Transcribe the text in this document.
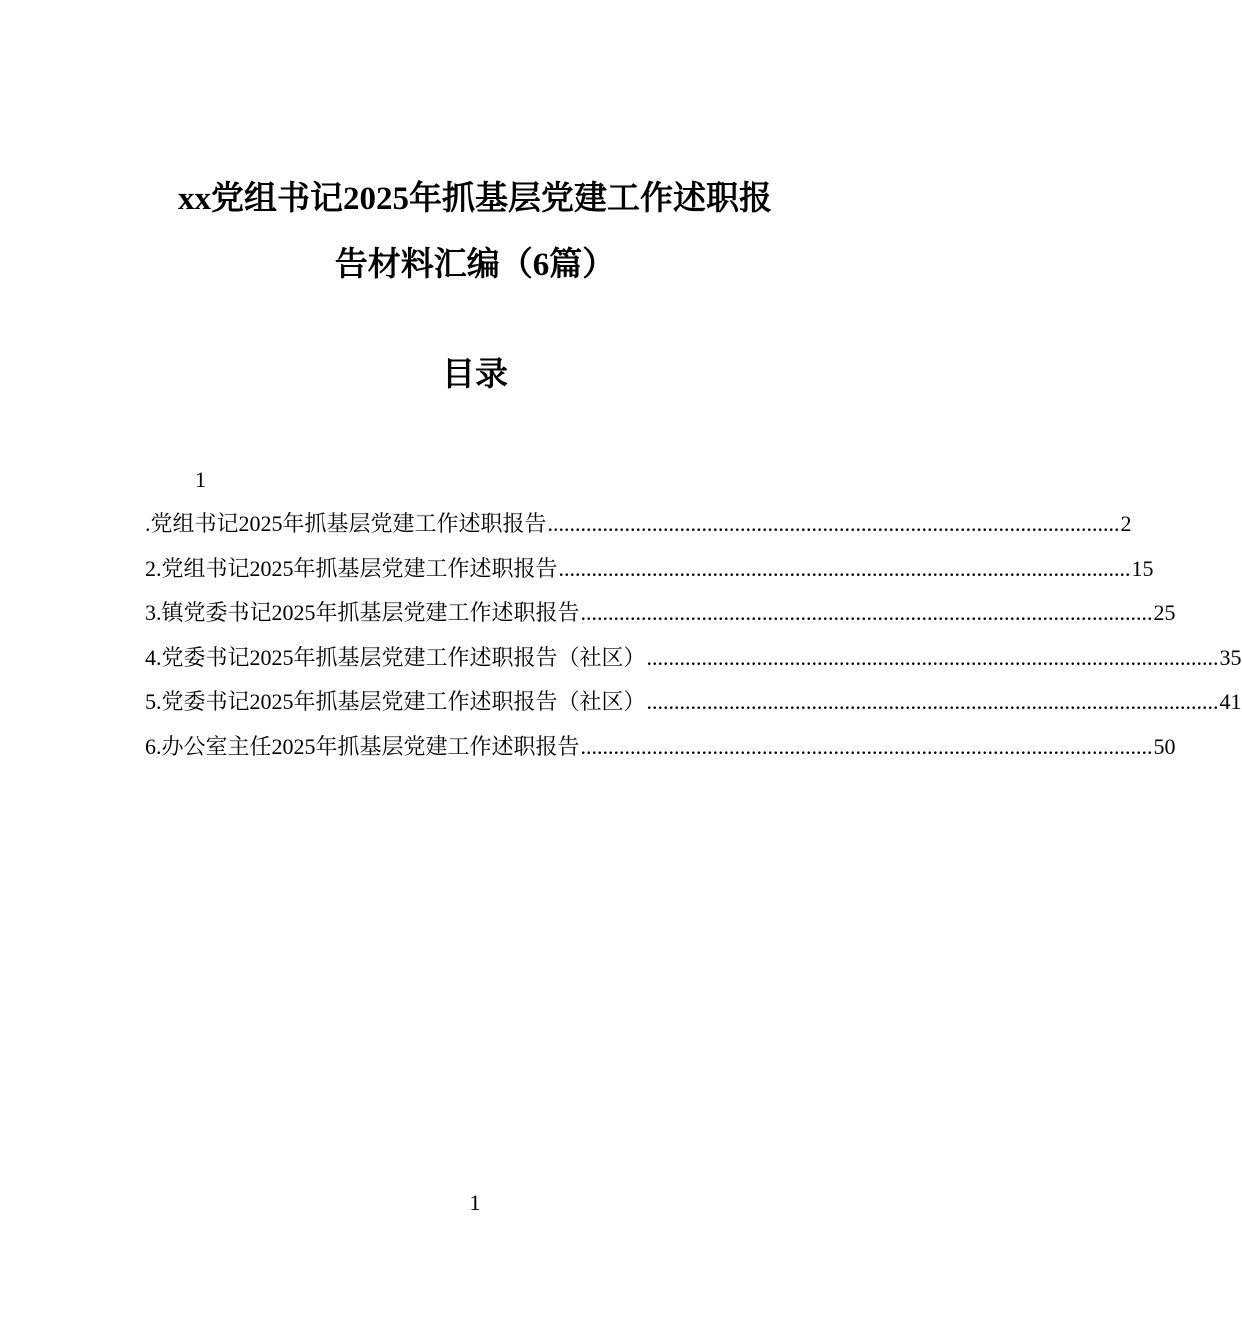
xx党组书记2025年抓基层党建工作述职报
告材料汇编（6篇）
目录
1
.党组书记2025年抓基层党建工作述职报告 ........................................................................................................ 2
2.党组书记2025年抓基层党建工作述职报告 ........................................................................................................ 15
3.镇党委书记2025年抓基层党建工作述职报告 ........................................................................................................ 25
4.党委书记2025年抓基层党建工作述职报告（社区） ........................................................................................................ 35
5.党委书记2025年抓基层党建工作述职报告（社区） ........................................................................................................ 41
6.办公室主任2025年抓基层党建工作述职报告 ........................................................................................................ 50
1
